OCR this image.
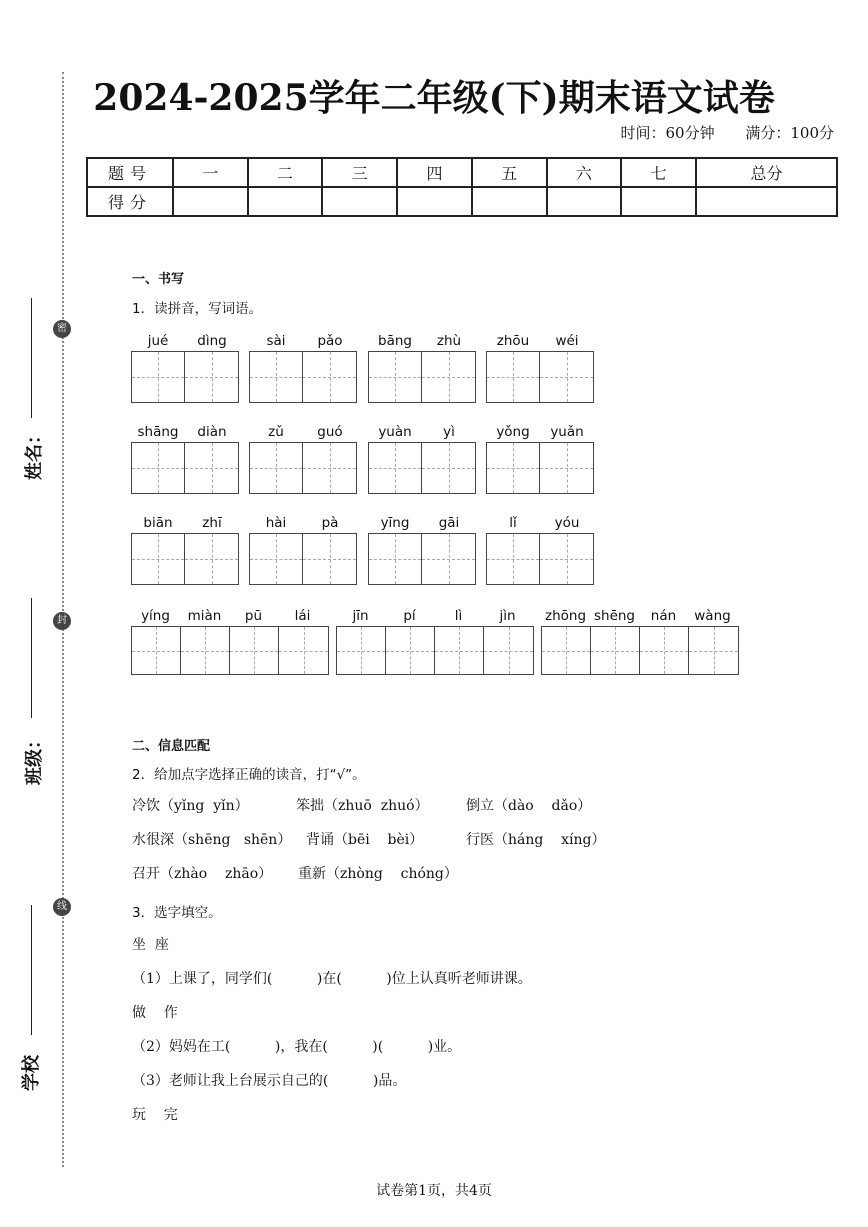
密
封
线
姓名：
班级：
学校
2024-2025学年二年级(下)期末语文试卷
时间：60分钟 满分：100分
题号	一	二	三	四	五	六	七	总分
得分								
一、书写
1．读拼音，写词语。
jué	dìng	sài	pǎo	bāng	zhù	zhōu	wéi
shāng	diàn	zǔ	guó	yuàn	yì	yǒng	yuǎn
biān	zhī	hài	pà	yīng	gāi	lǐ	yóu
yíng	miàn	pū	lái	jīn	pí	lì	jìn	zhōng shēng	nán	wàng
二、信息匹配
2．给加点字选择正确的读音，打“√”。
冷饮（yǐng  yǐn）	笨拙（zhuō  zhuó）	倒立（dào    dǎo）
水很深（shēng   shēn） 背诵（bēi    bèi）	行医（háng    xíng）
召开（zhào    zhāo） 重新（zhòng    chóng）
3．选字填空。
坐  座
（1）上课了，同学们(          )在(          )位上认真听老师讲课。
做    作
（2）妈妈在工(          )，我在(          )(          )业。
（3）老师让我上台展示自己的(          )品。
玩    完
试卷第1页，共4页
